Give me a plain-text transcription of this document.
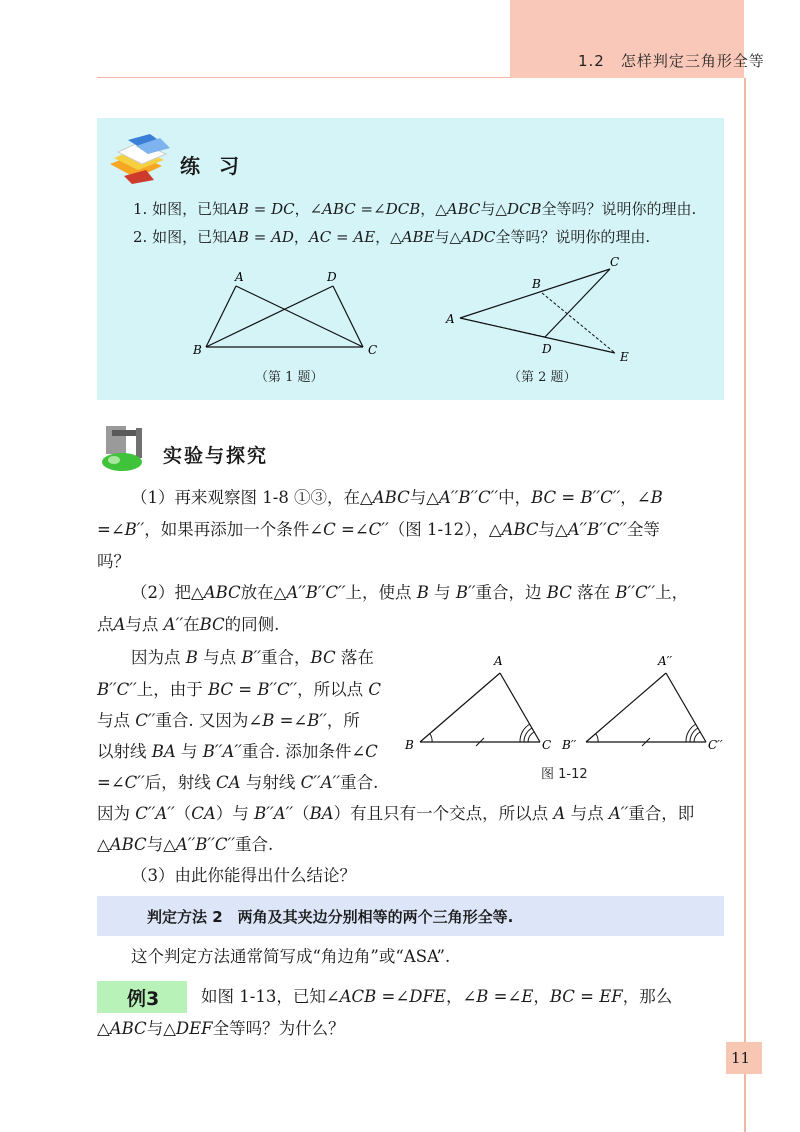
1.2　怎样判定三角形全等
练 习
1. 如图，已知AB = DC，∠ABC =∠DCB，△ABC与△DCB全等吗？说明你的理由.
2. 如图，已知AB = AD，AC = AE，△ABE与△ADC全等吗？说明你的理由.
A	D
B	C
（第 1 题）
C
B
A
D
E
（第 2 题）
实验与探究
（1）再来观察图 1-8 ①③，在△ABC与△A′′B′′C′′中，BC = B′′C′′，∠B
=∠B′′，如果再添加一个条件∠C =∠C′′（图 1-12），△ABC与△A′′B′′C′′全等
吗？
（2）把△ABC放在△A′′B′′C′′上，使点 B 与 B′′重合，边 BC 落在 B′′C′′上，
点A与点 A′′在BC的同侧.
因为点 B 与点 B′′重合，BC 落在
B′′C′′上，由于 BC = B′′C′′，所以点 C
与点 C′′重合. 又因为∠B =∠B′′，所
以射线 BA 与 B′′A′′重合. 添加条件∠C
=∠C′′后，射线 CA 与射线 C′′A′′重合.
因为 C′′A′′（CA）与 B′′A′′（BA）有且只有一个交点，所以点 A 与点 A′′重合，即
△ABC与△A′′B′′C′′重合.
（3）由此你能得出什么结论？
A
B	C
A′′
B′′	C′′
图 1-12
判定方法 2　两角及其夹边分别相等的两个三角形全等.
这个判定方法通常简写成“角边角”或“ASA”.
例3	如图 1-13，已知∠ACB =∠DFE，∠B =∠E，BC = EF，那么
△ABC与△DEF全等吗？为什么？
11
